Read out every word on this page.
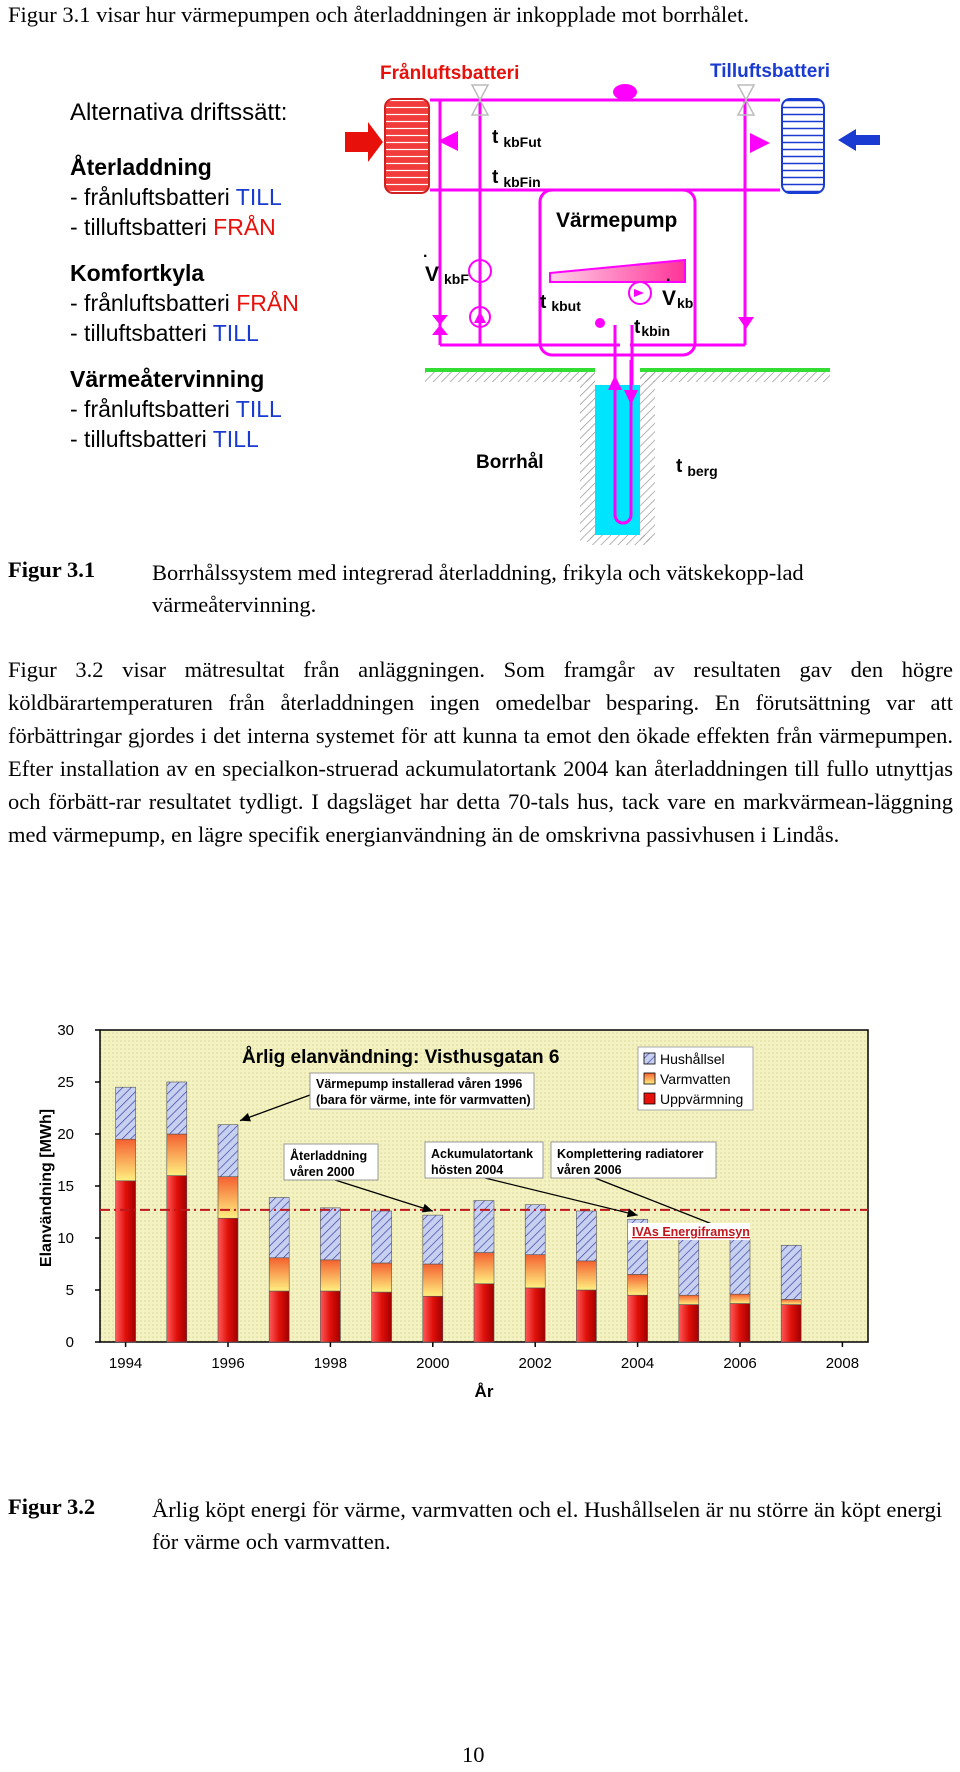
Figur 3.1 visar hur värmepumpen och återladdningen är inkopplade mot borrhålet.
Alternativa driftssätt:
Återladdning
- frånluftsbatteri TILL
- tilluftsbatteri FRÅN
Komfortkyla
- frånluftsbatteri FRÅN
- tilluftsbatteri TILL
Värmeåtervinning
- frånluftsbatteri TILL
- tilluftsbatteri TILL
Frånluftsbatteri	Tilluftsbatteri
t $_{kbFut}$
t $_{kbFin}$
Värmepump
VkbF
·
t kbut	Vkb
·
tkbin
Borrhål	t $_{berg}$
Figur 3.1	Borrhålssystem med integrerad återladdning, frikyla och vätskekopp-lad värmeåtervinning.
Figur 3.2 visar mätresultat från anläggningen. Som framgår av resultaten gav den högre köldbärartemperaturen från återladdningen ingen omedelbar besparing. En förutsättning var att förbättringar gjordes i det interna systemet för att kunna ta emot den ökade effekten från värmepumpen. Efter installation av en specialkon-struerad ackumulatortank 2004 kan återladdningen till fullo utnyttjas och förbätt-rar resultatet tydligt. I dagsläget har detta 70-tals hus, tack vare en markvärmean-läggning med värmepump, en lägre specifik energianvändning än de omskrivna passivhusen i Lindås.
0
5
10
15
20
25
30
1994	1996	1998	2000	2002	2004	2006	2008
Elanvändning [MWh]
År
Årlig elanvändning: Visthusgatan 6	Hushållsel
Varmvatten
Uppvärmning
Värmepump installerad våren 1996
(bara för värme, inte för varmvatten)
Återladdning
våren 2000
Ackumulatortank
hösten 2004
Komplettering radiatorer
våren 2006
IVAs Energiframsyn
Figur 3.2	Årlig köpt energi för värme, varmvatten och el. Hushållselen är nu större än köpt energi för värme och varmvatten.
10
